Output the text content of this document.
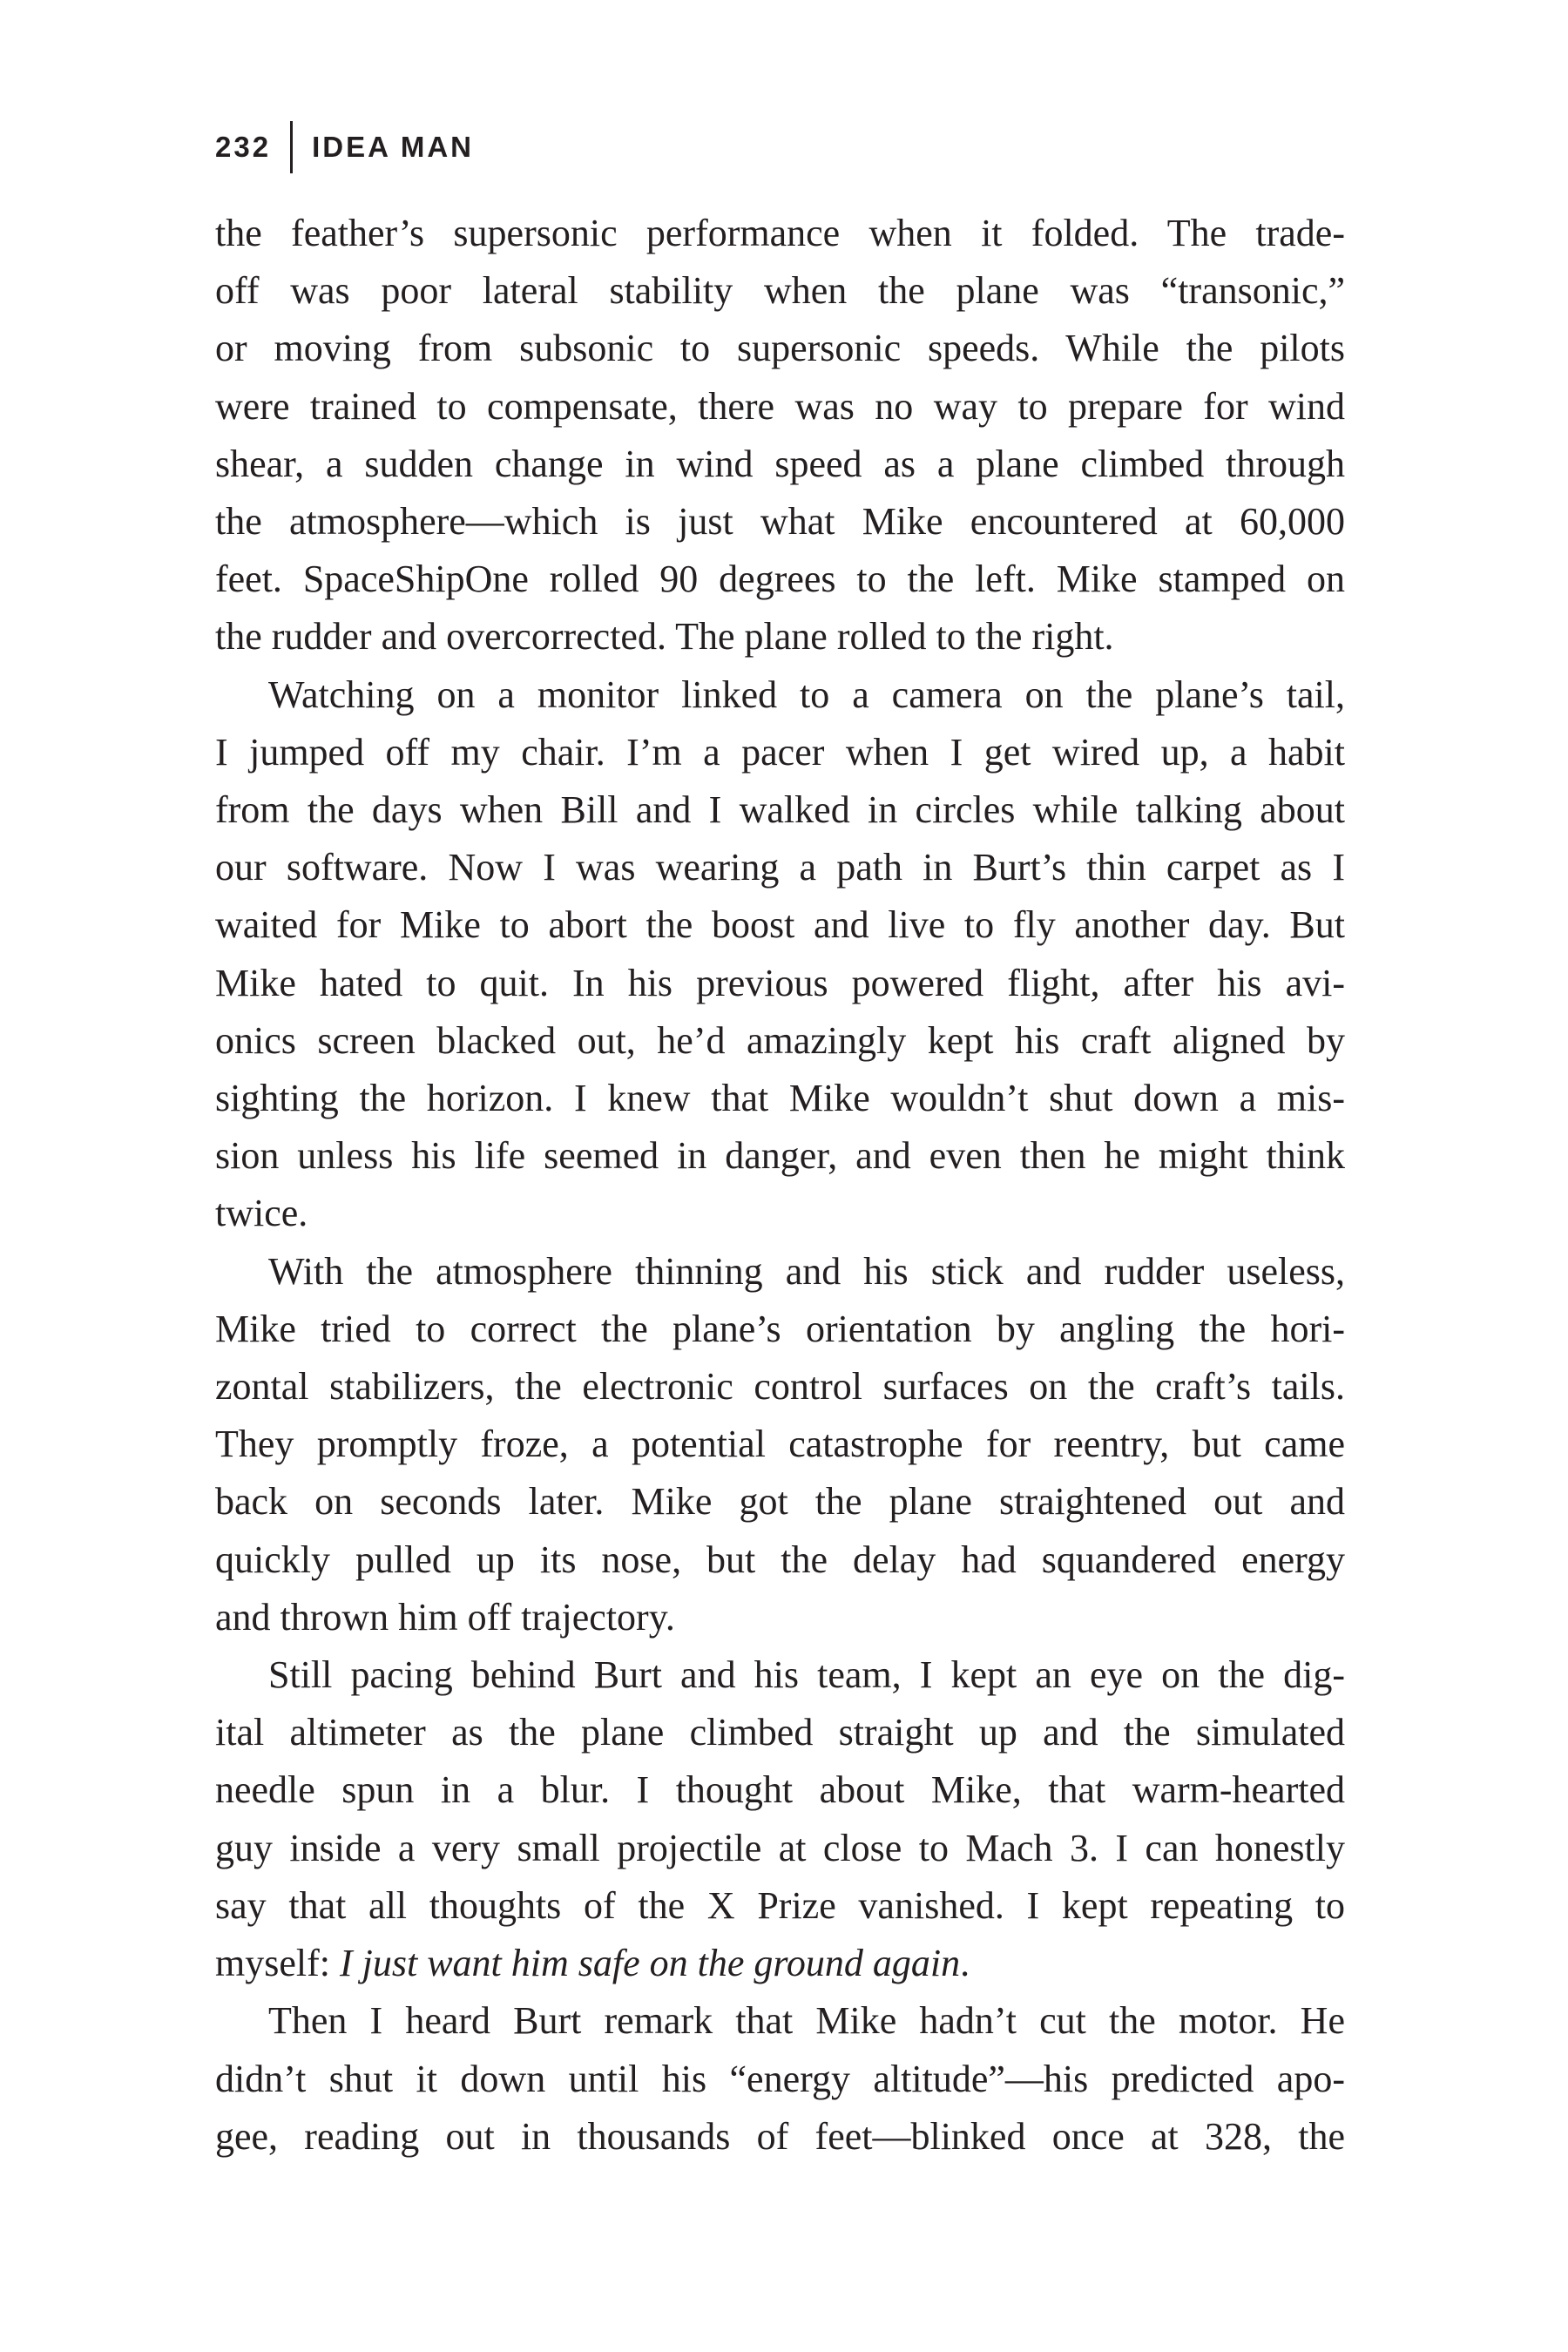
232 IDEA MAN
the feather’s supersonic performance when it folded. The trade-
off was poor lateral stability when the plane was “transonic,”
or moving from subsonic to supersonic speeds. While the pilots
were trained to compensate, there was no way to prepare for wind
shear, a sudden change in wind speed as a plane climbed through
the atmosphere—which is just what Mike encountered at 60,000
feet. SpaceShipOne rolled 90 degrees to the left. Mike stamped on
the rudder and overcorrected. The plane rolled to the right.
Watching on a monitor linked to a camera on the plane’s tail,
I jumped off my chair. I’m a pacer when I get wired up, a habit
from the days when Bill and I walked in circles while talking about
our software. Now I was wearing a path in Burt’s thin carpet as I
waited for Mike to abort the boost and live to fly another day. But
Mike hated to quit. In his previous powered flight, after his avi-
onics screen blacked out, he’d amazingly kept his craft aligned by
sighting the horizon. I knew that Mike wouldn’t shut down a mis-
sion unless his life seemed in danger, and even then he might think
twice.
With the atmosphere thinning and his stick and rudder useless,
Mike tried to correct the plane’s orientation by angling the hori-
zontal stabilizers, the electronic control surfaces on the craft’s tails.
They promptly froze, a potential catastrophe for reentry, but came
back on seconds later. Mike got the plane straightened out and
quickly pulled up its nose, but the delay had squandered energy
and thrown him off trajectory.
Still pacing behind Burt and his team, I kept an eye on the dig-
ital altimeter as the plane climbed straight up and the simulated
needle spun in a blur. I thought about Mike, that warm-hearted
guy inside a very small projectile at close to Mach 3. I can honestly
say that all thoughts of the X Prize vanished. I kept repeating to
myself: I just want him safe on the ground again.
Then I heard Burt remark that Mike hadn’t cut the motor. He
didn’t shut it down until his “energy altitude”—his predicted apo-
gee, reading out in thousands of feet—blinked once at 328, the
